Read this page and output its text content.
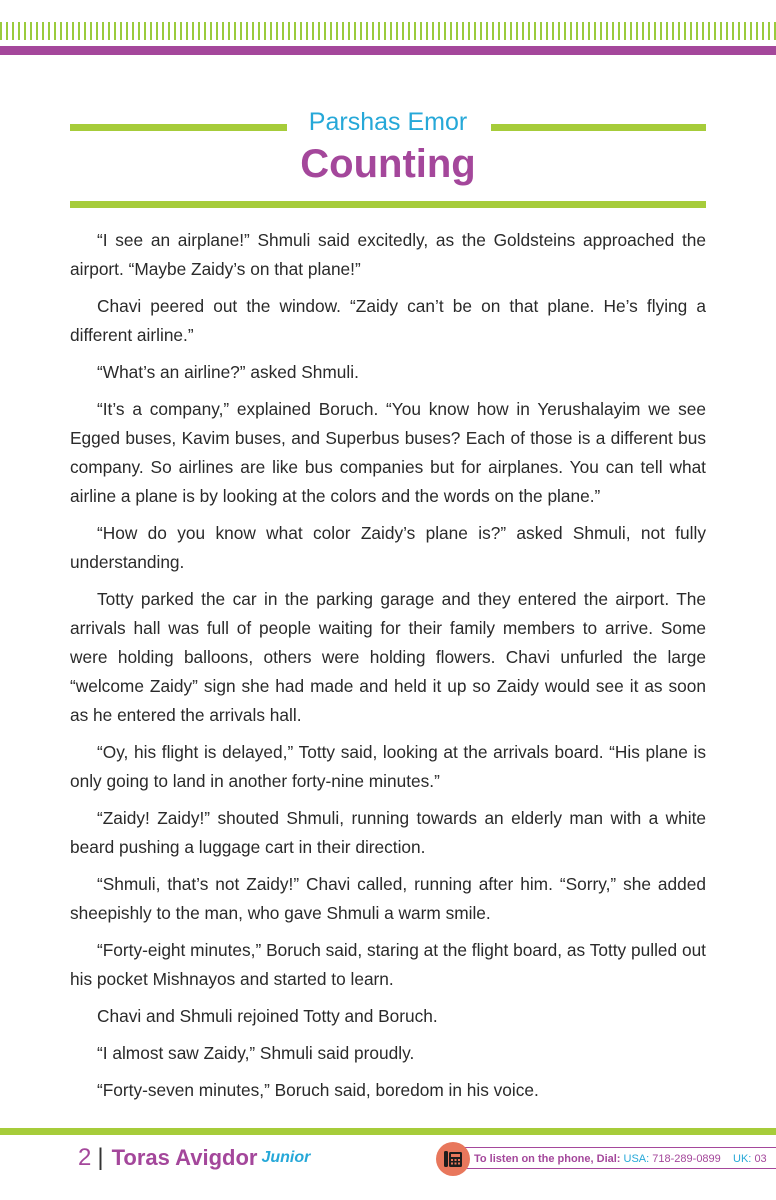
Parshas Emor
Counting

“I see an airplane!” Shmuli said excitedly, as the Goldsteins approached the airport. “Maybe Zaidy’s on that plane!”

Chavi peered out the window. “Zaidy can’t be on that plane. He’s flying a different airline.”

“What’s an airline?” asked Shmuli.

“It’s a company,” explained Boruch. “You know how in Yerushalayim we see Egged buses, Kavim buses, and Superbus buses? Each of those is a different bus company. So airlines are like bus companies but for airplanes. You can tell what airline a plane is by looking at the colors and the words on the plane.”

“How do you know what color Zaidy’s plane is?” asked Shmuli, not fully understanding.

Totty parked the car in the parking garage and they entered the airport. The arrivals hall was full of people waiting for their family members to arrive. Some were holding balloons, others were holding flowers. Chavi unfurled the large “welcome Zaidy” sign she had made and held it up so Zaidy would see it as soon as he entered the arrivals hall.

“Oy, his flight is delayed,” Totty said, looking at the arrivals board. “His plane is only going to land in another forty-nine minutes.”

“Zaidy! Zaidy!” shouted Shmuli, running towards an elderly man with a white beard pushing a luggage cart in their direction.

“Shmuli, that’s not Zaidy!” Chavi called, running after him. “Sorry,” she added sheepishly to the man, who gave Shmuli a warm smile.

“Forty-eight minutes,” Boruch said, staring at the flight board, as Totty pulled out his pocket Mishnayos and started to learn.

Chavi and Shmuli rejoined Totty and Boruch.

“I almost saw Zaidy,” Shmuli said proudly.

“Forty-seven minutes,” Boruch said, boredom in his voice.

2 | Toras Avigdor Junior	To listen on the phone, Dial: USA: 718-289-0899 UK: 03
